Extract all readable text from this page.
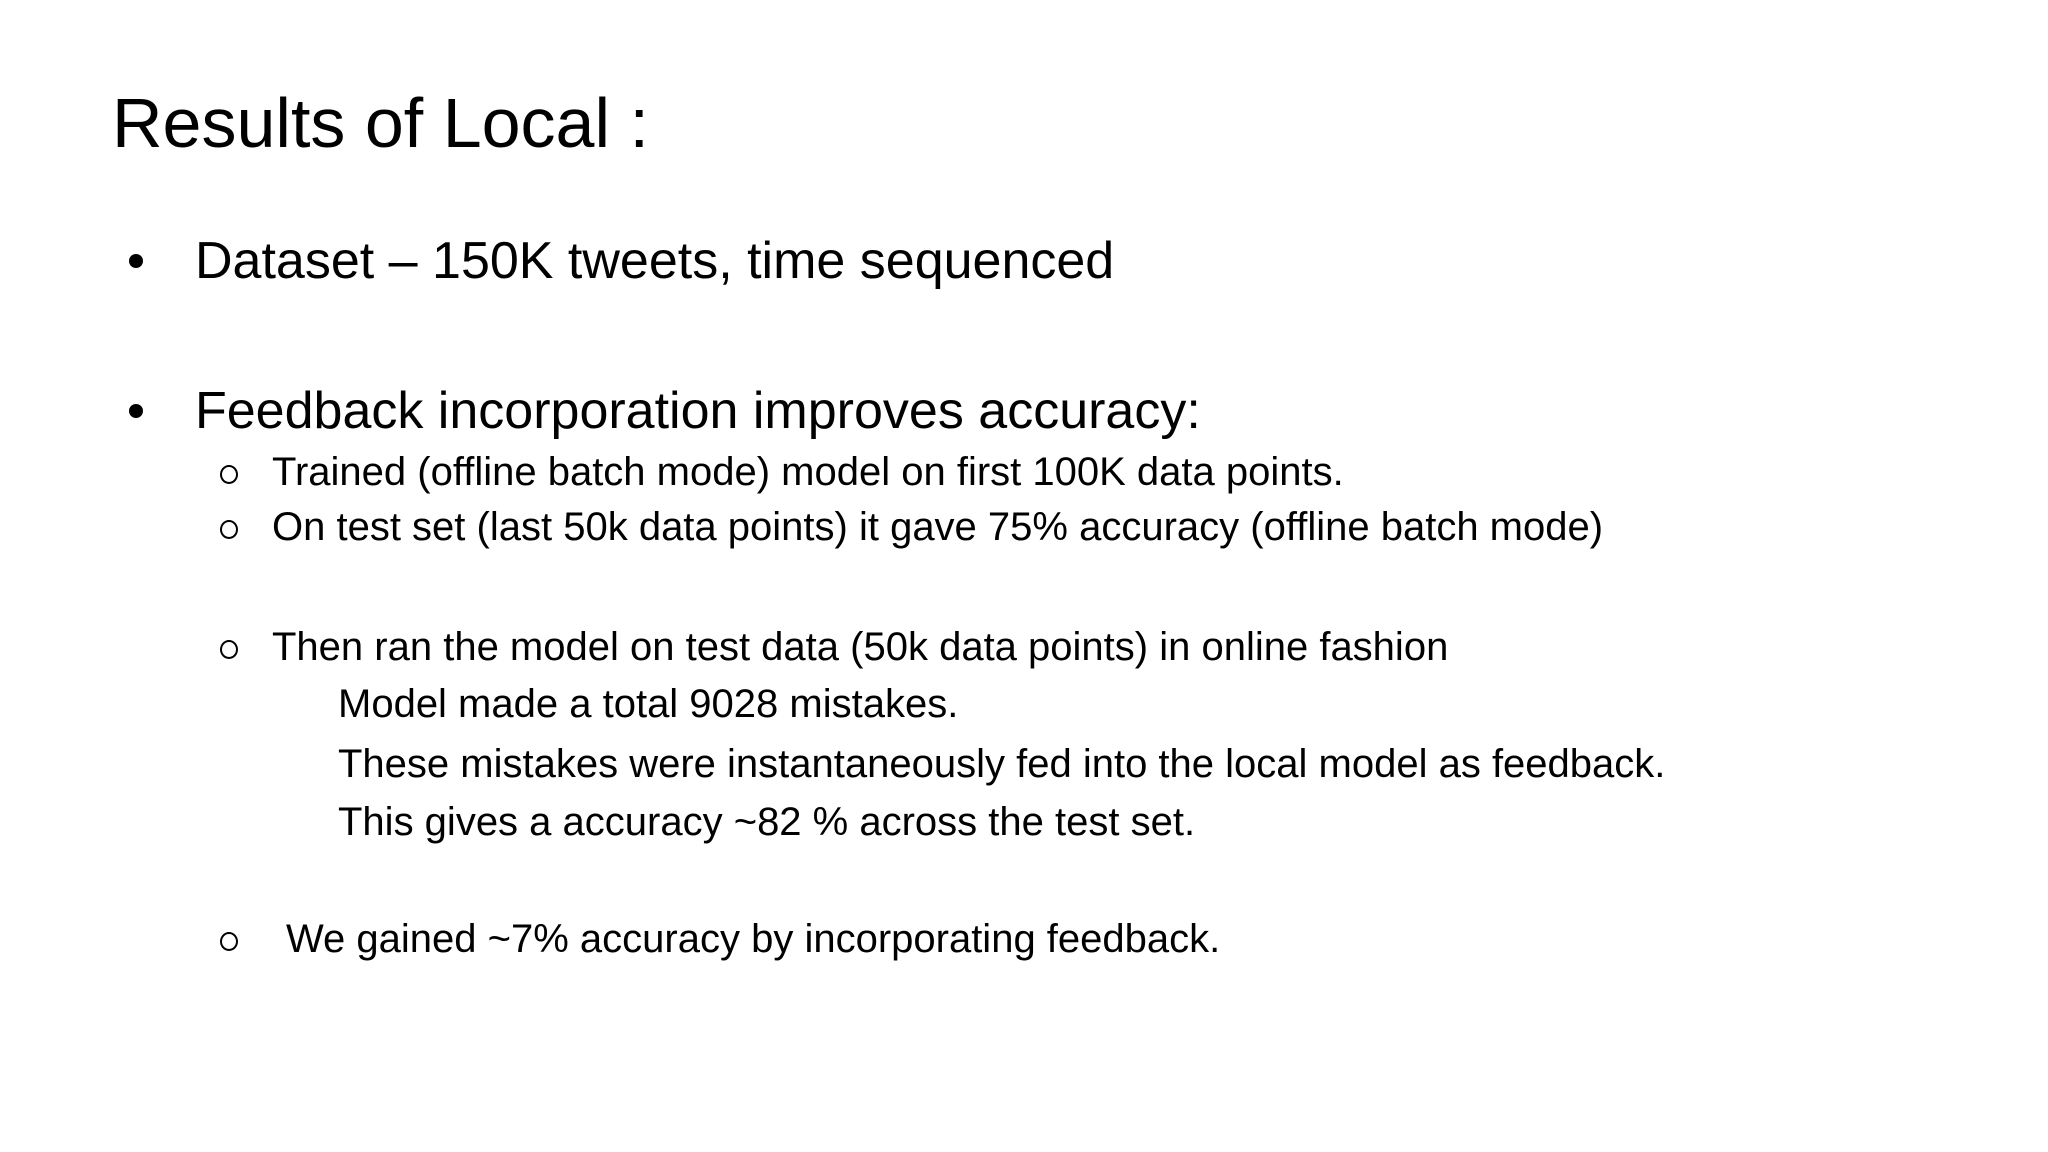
Results of Local :
Dataset – 150K tweets, time sequenced
Feedback incorporation improves accuracy:
Trained (offline batch mode) model on first 100K data points.
On test set (last 50k data points) it gave 75% accuracy (offline batch mode)
Then ran the model on test data (50k data points) in online fashion
Model made a total 9028 mistakes.
These mistakes were instantaneously fed into the local model as feedback.
This gives a accuracy ~82 % across the test set.
We gained ~7% accuracy by incorporating feedback.
